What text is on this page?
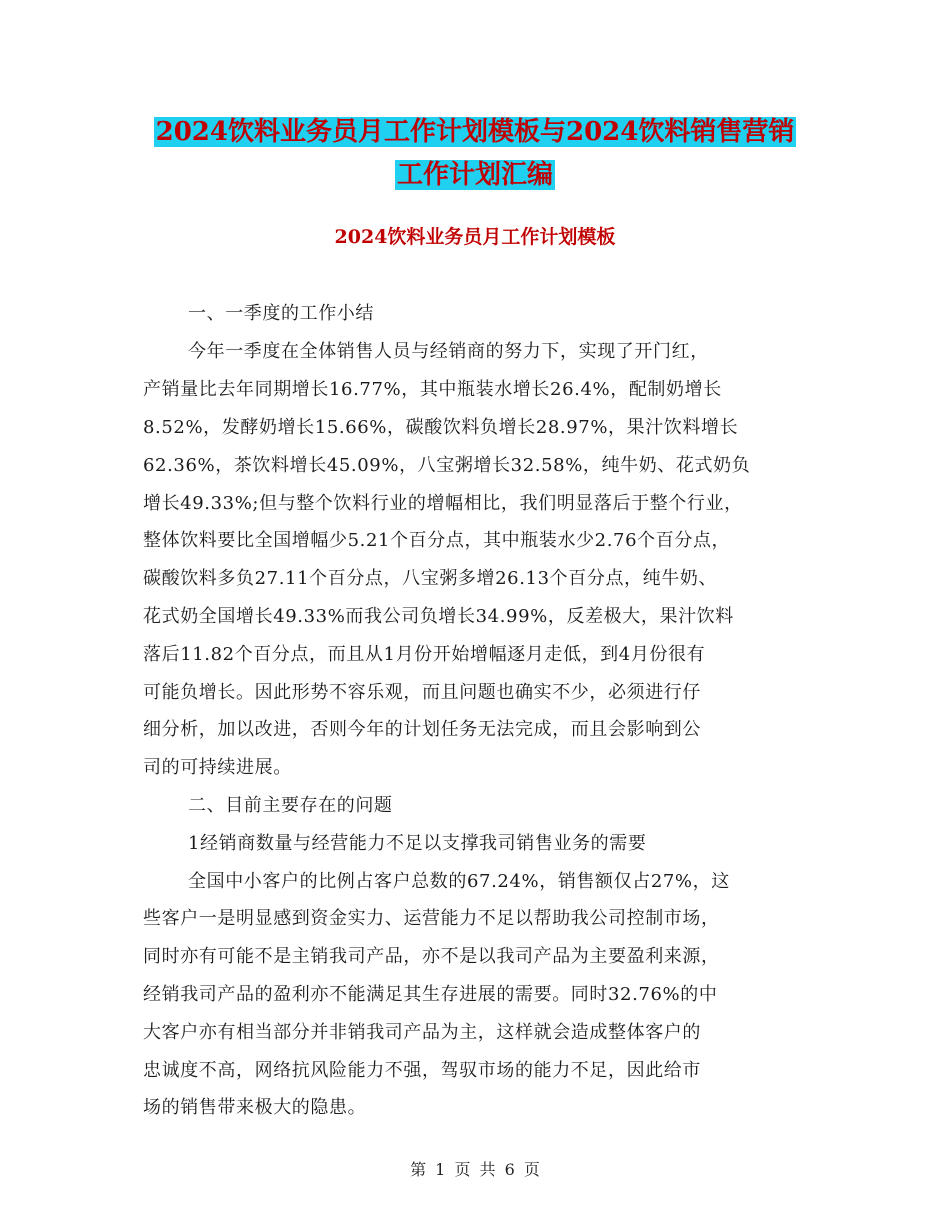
2024饮料业务员月工作计划模板与2024饮料销售营销
工作计划汇编
2024饮料业务员月工作计划模板
一、一季度的工作小结
今年一季度在全体销售人员与经销商的努力下，实现了开门红，
产销量比去年同期增长16.77%，其中瓶装水增长26.4%，配制奶增长
8.52%，发酵奶增长15.66%，碳酸饮料负增长28.97%，果汁饮料增长
62.36%，茶饮料增长45.09%，八宝粥增长32.58%，纯牛奶、花式奶负
增长49.33%;但与整个饮料行业的增幅相比，我们明显落后于整个行业，
整体饮料要比全国增幅少5.21个百分点，其中瓶装水少2.76个百分点，
碳酸饮料多负27.11个百分点，八宝粥多增26.13个百分点，纯牛奶、
花式奶全国增长49.33%而我公司负增长34.99%，反差极大，果汁饮料
落后11.82个百分点，而且从1月份开始增幅逐月走低，到4月份很有
可能负增长。因此形势不容乐观，而且问题也确实不少，必须进行仔
细分析，加以改进，否则今年的计划任务无法完成，而且会影响到公
司的可持续进展。
二、目前主要存在的问题
1经销商数量与经营能力不足以支撑我司销售业务的需要
全国中小客户的比例占客户总数的67.24%，销售额仅占27%，这
些客户一是明显感到资金实力、运营能力不足以帮助我公司控制市场，
同时亦有可能不是主销我司产品，亦不是以我司产品为主要盈利来源，
经销我司产品的盈利亦不能满足其生存进展的需要。同时32.76%的中
大客户亦有相当部分并非销我司产品为主，这样就会造成整体客户的
忠诚度不高，网络抗风险能力不强，驾驭市场的能力不足，因此给市
场的销售带来极大的隐患。
第 1 页 共 6 页
